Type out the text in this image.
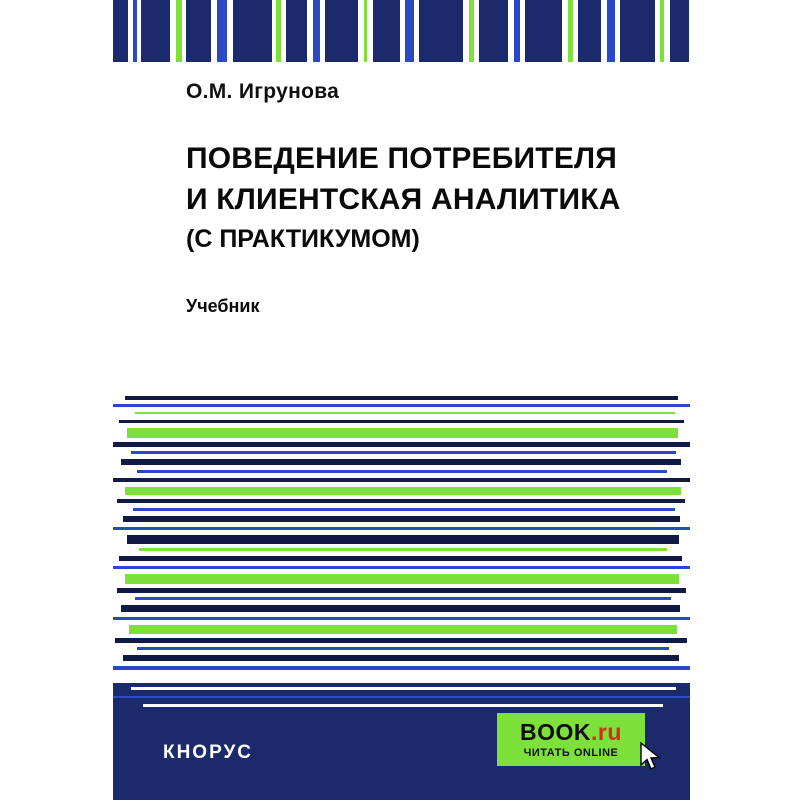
О.М. Игрунова
ПОВЕДЕНИЕ ПОТРЕБИТЕЛЯ
И КЛИЕНТСКАЯ АНАЛИТИКА
(С ПРАКТИКУМОМ)
Учебник
КНОРУС
BOOK.ru
ЧИТАТЬ ONLINE
